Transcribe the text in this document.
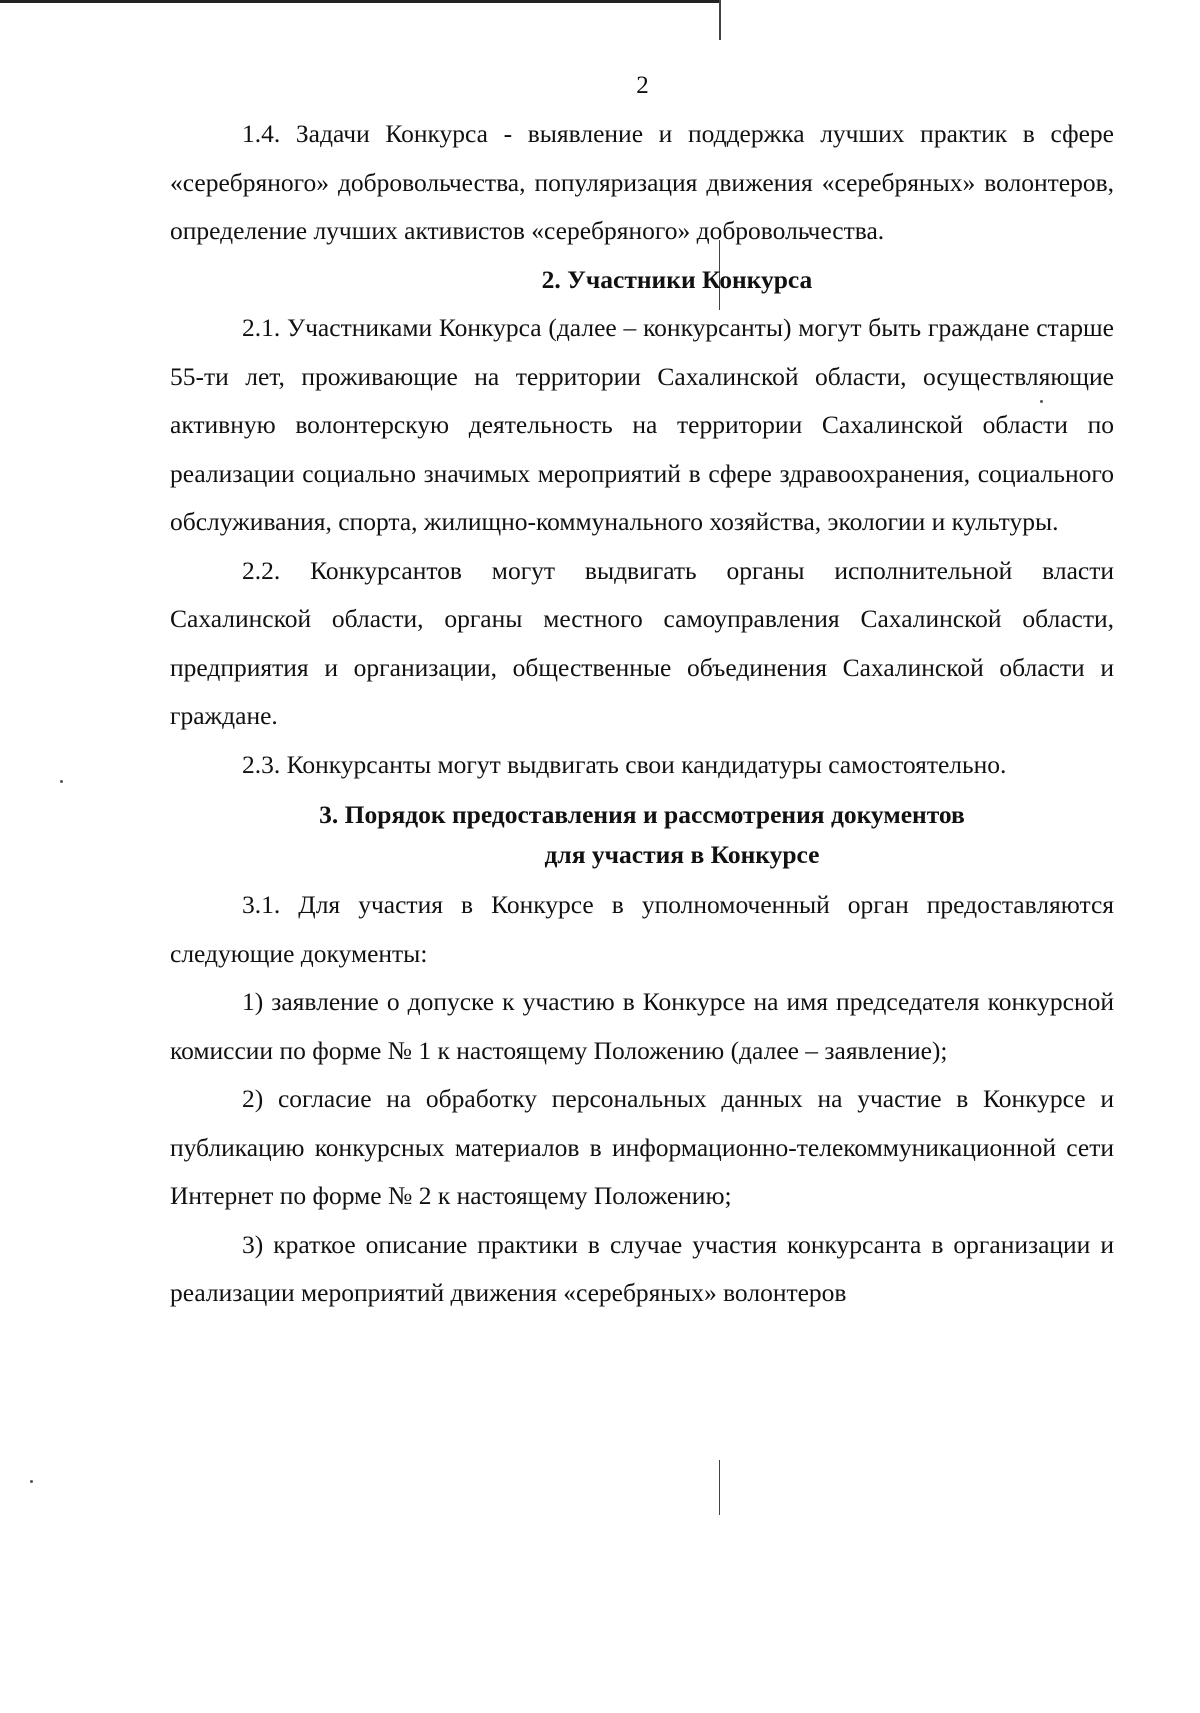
2

1.4. Задачи Конкурса - выявление и поддержка лучших практик в сфере «серебряного» добровольчества, популяризация движения «серебряных» волонтеров, определение лучших активистов «серебряного» добровольчества.

2. Участники Конкурса

2.1. Участниками Конкурса (далее – конкурсанты) могут быть граждане старше 55-ти лет, проживающие на территории Сахалинской области, осуществляющие активную волонтерскую деятельность на территории Сахалинской области по реализации социально значимых мероприятий в сфере здравоохранения, социального обслуживания, спорта, жилищно-коммунального хозяйства, экологии и культуры.

2.2. Конкурсантов могут выдвигать органы исполнительной власти Сахалинской области, органы местного самоуправления Сахалинской области, предприятия и организации, общественные объединения Сахалинской области и граждане.

2.3. Конкурсанты могут выдвигать свои кандидатуры самостоятельно.

3. Порядок предоставления и рассмотрения документов
для участия в Конкурсе

3.1. Для участия в Конкурсе в уполномоченный орган предоставляются следующие документы:

1) заявление о допуске к участию в Конкурсе на имя председателя конкурсной комиссии по форме № 1 к настоящему Положению (далее – заявление);

2) согласие на обработку персональных данных на участие в Конкурсе и публикацию конкурсных материалов в информационно-телекоммуникационной сети Интернет по форме № 2 к настоящему Положению;

3) краткое описание практики в случае участия конкурсанта в организации и реализации мероприятий движения «серебряных» волонтеров
